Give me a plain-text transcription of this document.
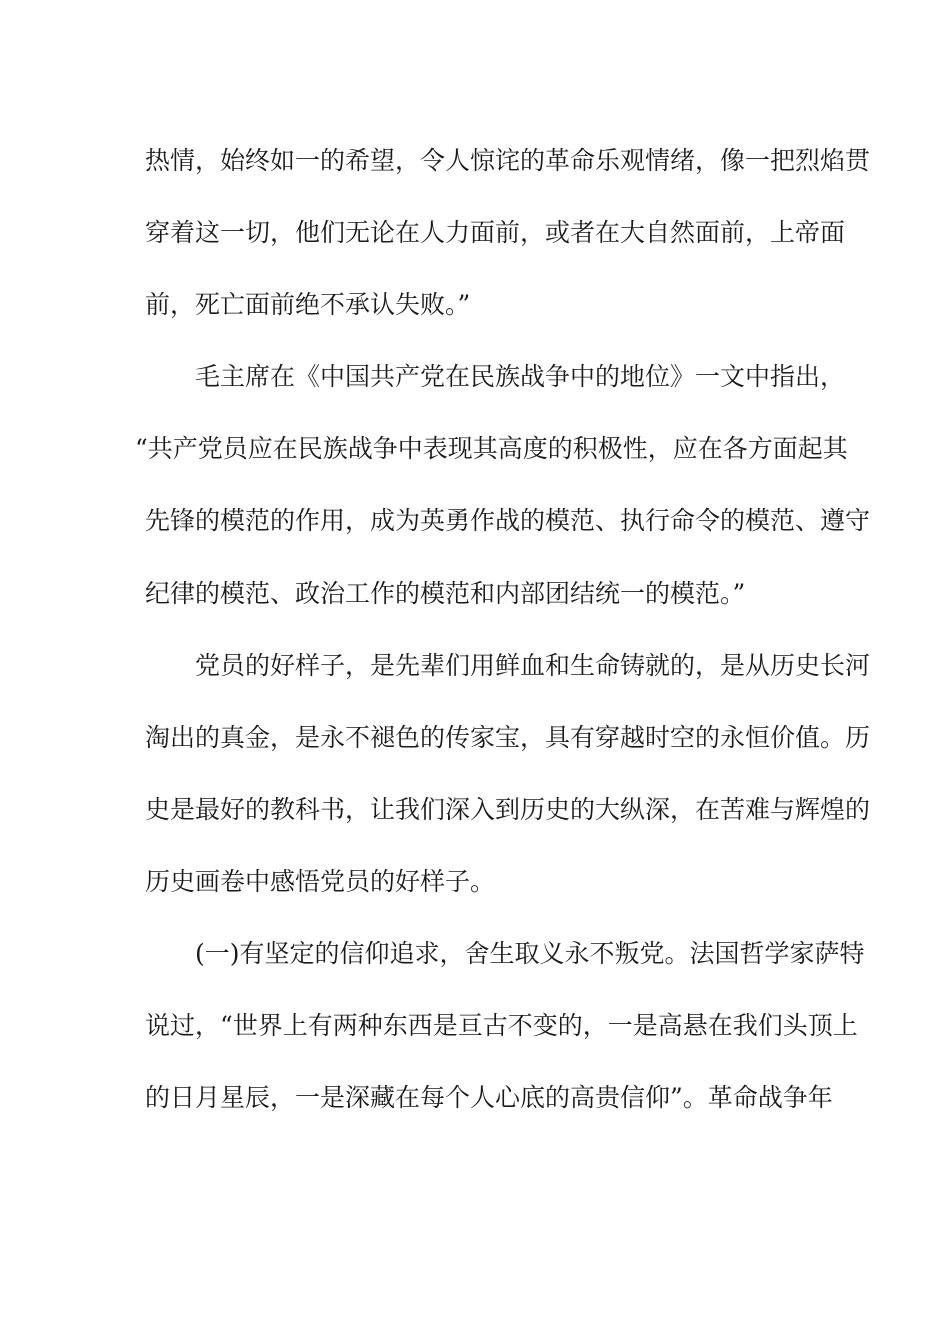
热情，始终如一的希望，令人惊诧的革命乐观情绪，像一把烈焰贯
穿着这一切，他们无论在人力面前，或者在大自然面前，上帝面
前，死亡面前绝不承认失败。”
毛主席在《中国共产党在民族战争中的地位》一文中指出，
“共产党员应在民族战争中表现其高度的积极性，应在各方面起其
先锋的模范的作用，成为英勇作战的模范、执行命令的模范、遵守
纪律的模范、政治工作的模范和内部团结统一的模范。”
党员的好样子，是先辈们用鲜血和生命铸就的，是从历史长河
淘出的真金，是永不褪色的传家宝，具有穿越时空的永恒价值。历
史是最好的教科书，让我们深入到历史的大纵深，在苦难与辉煌的
历史画卷中感悟党员的好样子。
(一)有坚定的信仰追求，舍生取义永不叛党。法国哲学家萨特
说过，“世界上有两种东西是亘古不变的，一是高悬在我们头顶上
的日月星辰，一是深藏在每个人心底的高贵信仰”。革命战争年
